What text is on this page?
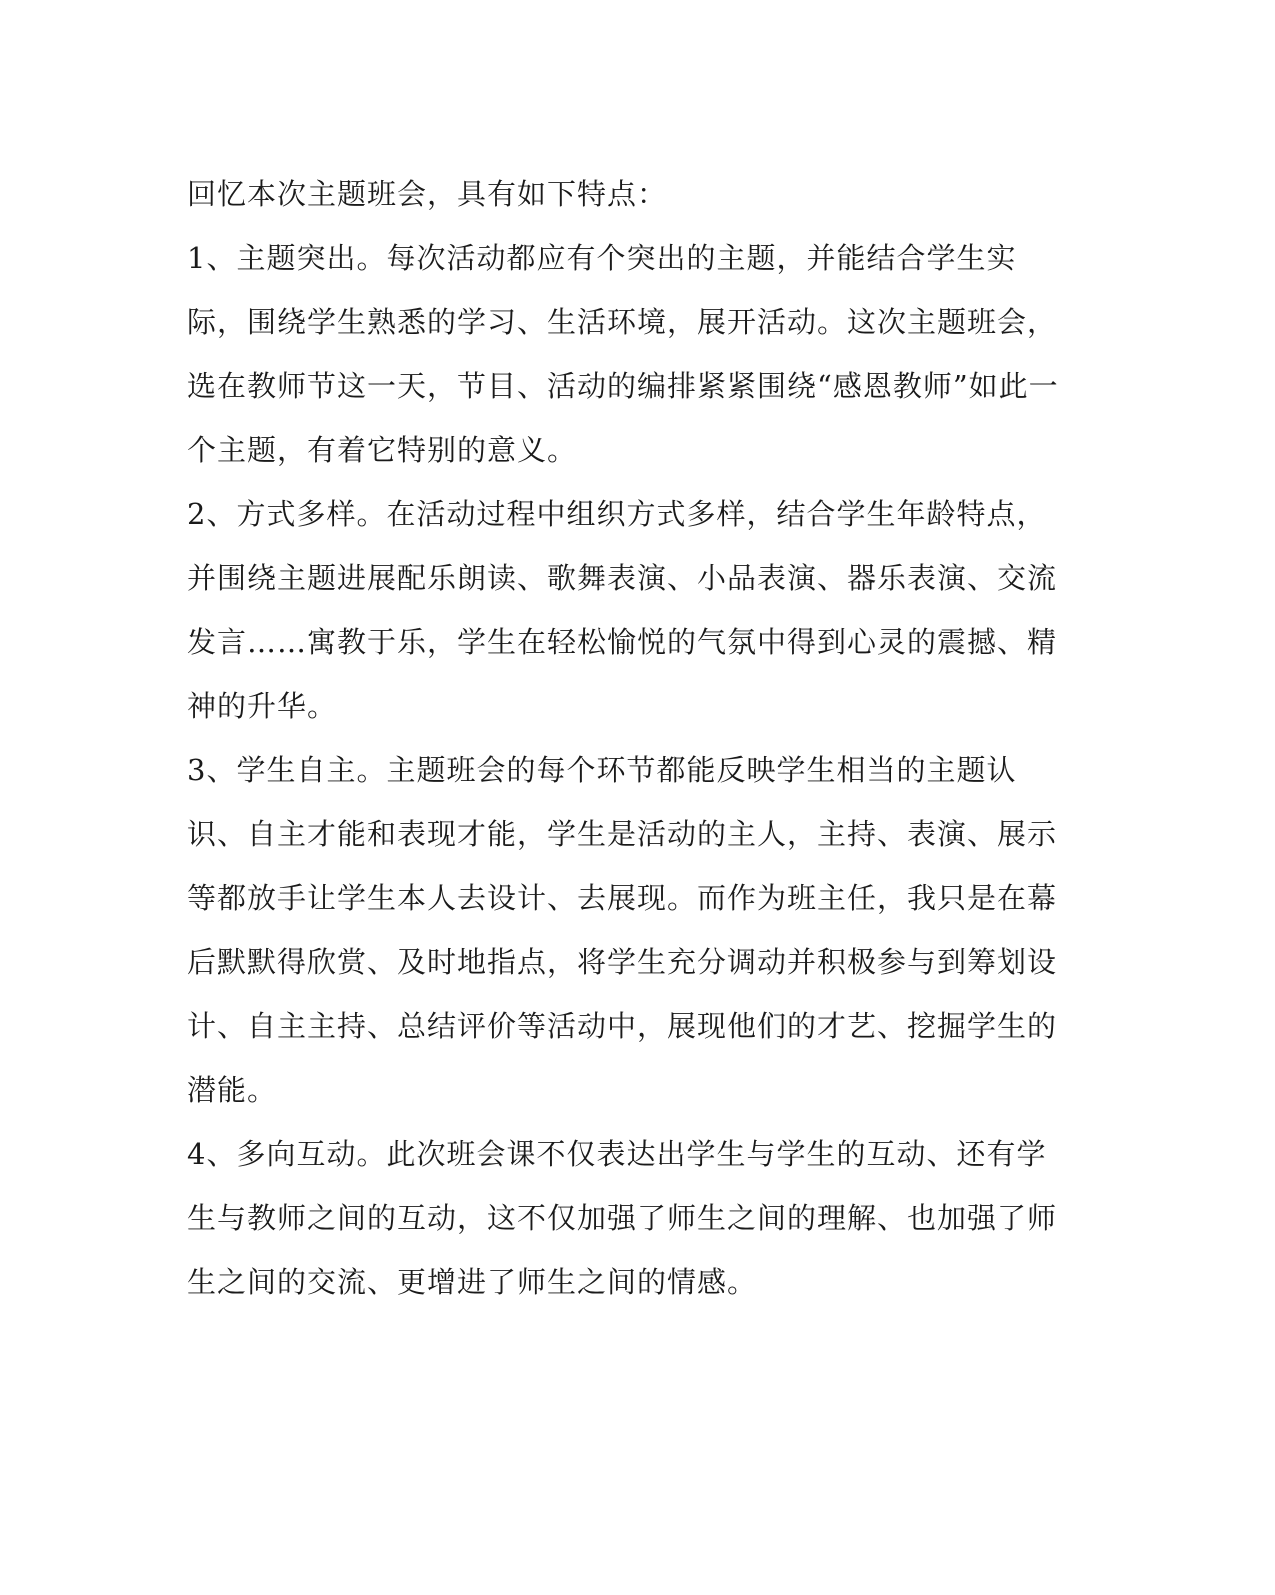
回忆本次主题班会，具有如下特点：

1、主题突出。每次活动都应有个突出的主题，并能结合学生实际，围绕学生熟悉的学习、生活环境，展开活动。这次主题班会，选在教师节这一天，节目、活动的编排紧紧围绕“感恩教师”如此一个主题，有着它特别的意义。

2、方式多样。在活动过程中组织方式多样，结合学生年龄特点，并围绕主题进展配乐朗读、歌舞表演、小品表演、器乐表演、交流发言……寓教于乐，学生在轻松愉悦的气氛中得到心灵的震撼、精神的升华。

3、学生自主。主题班会的每个环节都能反映学生相当的主题认识、自主才能和表现才能，学生是活动的主人，主持、表演、展示等都放手让学生本人去设计、去展现。而作为班主任，我只是在幕后默默得欣赏、及时地指点，将学生充分调动并积极参与到筹划设计、自主主持、总结评价等活动中，展现他们的才艺、挖掘学生的潜能。

4、多向互动。此次班会课不仅表达出学生与学生的互动、还有学生与教师之间的互动，这不仅加强了师生之间的理解、也加强了师生之间的交流、更增进了师生之间的情感。
